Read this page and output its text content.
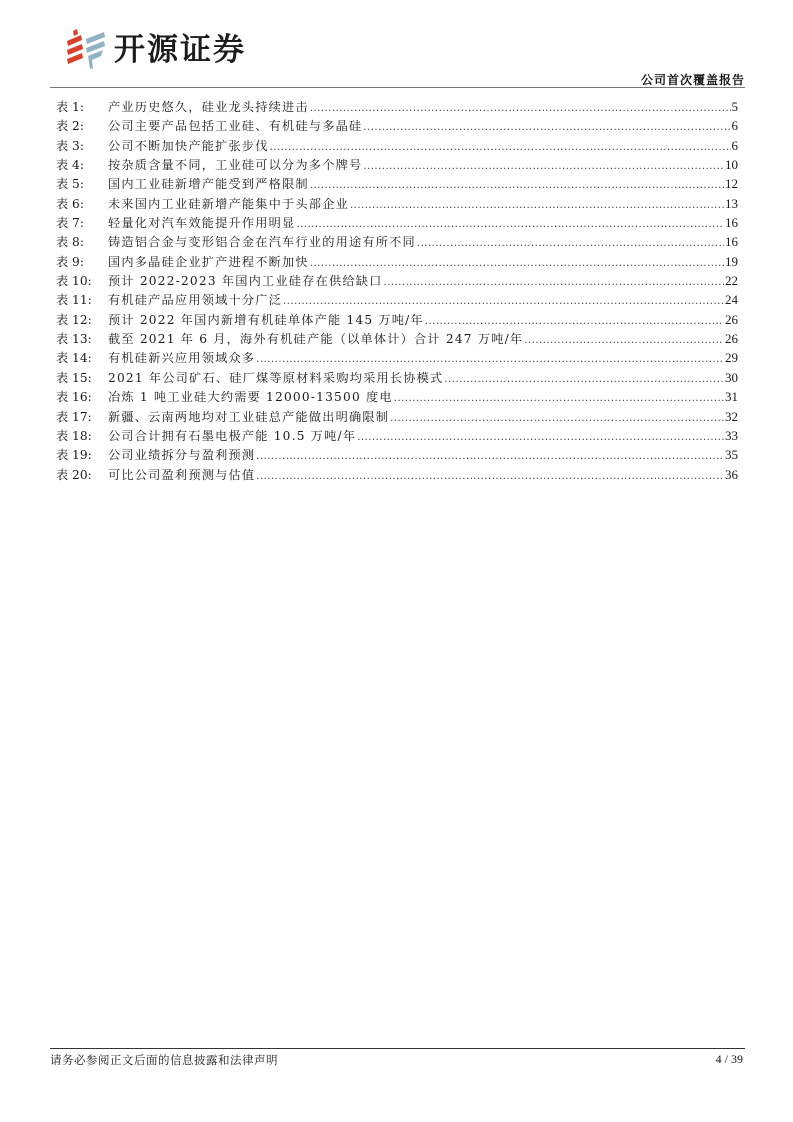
开源证券
公司首次覆盖报告
表 1:	产业历史悠久，硅业龙头持续进击 .....	5
表 2:	公司主要产品包括工业硅、有机硅与多晶硅 .....	6
表 3:	公司不断加快产能扩张步伐 .....	6
表 4:	按杂质含量不同，工业硅可以分为多个牌号 .....	10
表 5:	国内工业硅新增产能受到严格限制 .....	12
表 6:	未来国内工业硅新增产能集中于头部企业 .....	13
表 7:	轻量化对汽车效能提升作用明显 .....	16
表 8:	铸造铝合金与变形铝合金在汽车行业的用途有所不同 .....	16
表 9:	国内多晶硅企业扩产进程不断加快 .....	19
表 10:	预计 2022-2023 年国内工业硅存在供给缺口 .....	22
表 11:	有机硅产品应用领域十分广泛 .....	24
表 12:	预计 2022 年国内新增有机硅单体产能 145 万吨/年 .....	26
表 13:	截至 2021 年 6 月，海外有机硅产能（以单体计）合计 247 万吨/年 .....	26
表 14:	有机硅新兴应用领域众多 .....	29
表 15:	2021 年公司矿石、硅厂煤等原材料采购均采用长协模式 .....	30
表 16:	冶炼 1 吨工业硅大约需要 12000-13500 度电 .....	31
表 17:	新疆、云南两地均对工业硅总产能做出明确限制 .....	32
表 18:	公司合计拥有石墨电极产能 10.5 万吨/年 .....	33
表 19:	公司业绩拆分与盈利预测 .....	35
表 20:	可比公司盈利预测与估值 .....	36
请务必参阅正文后面的信息披露和法律声明	4 / 39
